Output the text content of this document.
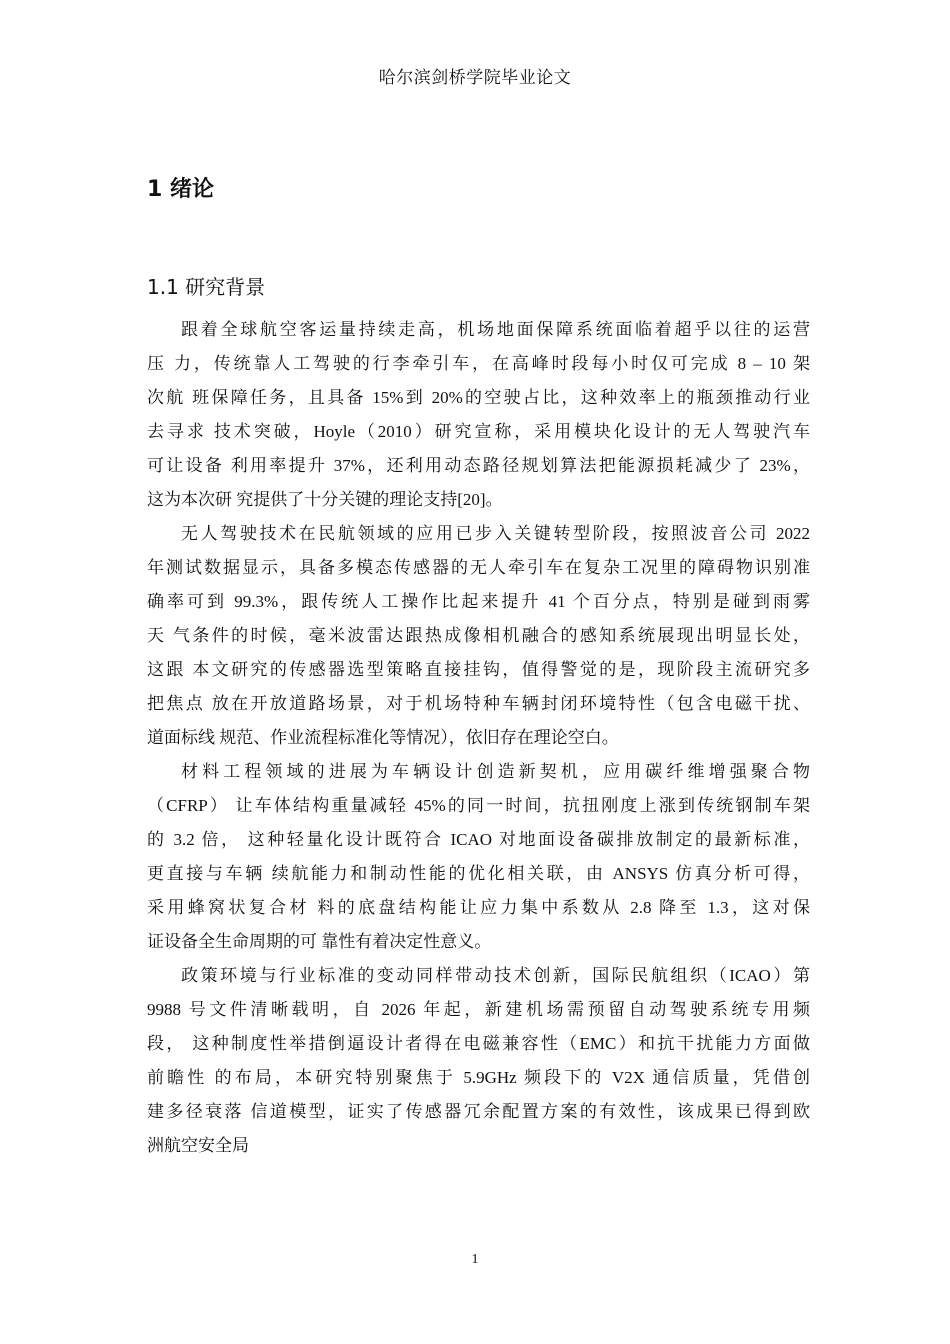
哈尔滨剑桥学院毕业论文
1 绪论
1.1 研究背景
跟着全球航空客运量持续走高，机场地面保障系统面临着超乎以往的运营
压 力，传统靠人工驾驶的行李牵引车，在高峰时段每小时仅可完成 8 – 10 架
次航 班保障任务，且具备 15%到 20%的空驶占比，这种效率上的瓶颈推动行业
去寻求 技术突破，Hoyle（2010）研究宣称，采用模块化设计的无人驾驶汽车
可让设备 利用率提升 37%，还利用动态路径规划算法把能源损耗减少了 23%，
这为本次研 究提供了十分关键的理论支持[20]。
无人驾驶技术在民航领域的应用已步入关键转型阶段，按照波音公司 2022
年测试数据显示，具备多模态传感器的无人牵引车在复杂工况里的障碍物识别准
确率可到 99.3%，跟传统人工操作比起来提升 41 个百分点，特别是碰到雨雾
天 气条件的时候，毫米波雷达跟热成像相机融合的感知系统展现出明显长处，
这跟 本文研究的传感器选型策略直接挂钩，值得警觉的是，现阶段主流研究多
把焦点 放在开放道路场景，对于机场特种车辆封闭环境特性（包含电磁干扰、
道面标线 规范、作业流程标准化等情况），依旧存在理论空白。
材料工程领域的进展为车辆设计创造新契机，应用碳纤维增强聚合物
（CFRP） 让车体结构重量减轻 45%的同一时间，抗扭刚度上涨到传统钢制车架
的 3.2 倍， 这种轻量化设计既符合 ICAO 对地面设备碳排放制定的最新标准，
更直接与车辆 续航能力和制动性能的优化相关联，由 ANSYS 仿真分析可得，
采用蜂窝状复合材 料的底盘结构能让应力集中系数从 2.8 降至 1.3，这对保
证设备全生命周期的可 靠性有着决定性意义。
政策环境与行业标准的变动同样带动技术创新，国际民航组织（ICAO）第
9988 号文件清晰载明，自 2026 年起，新建机场需预留自动驾驶系统专用频
段， 这种制度性举措倒逼设计者得在电磁兼容性（EMC）和抗干扰能力方面做
前瞻性 的布局，本研究特别聚焦于 5.9GHz 频段下的 V2X 通信质量，凭借创
建多径衰落 信道模型，证实了传感器冗余配置方案的有效性，该成果已得到欧
洲航空安全局
1
